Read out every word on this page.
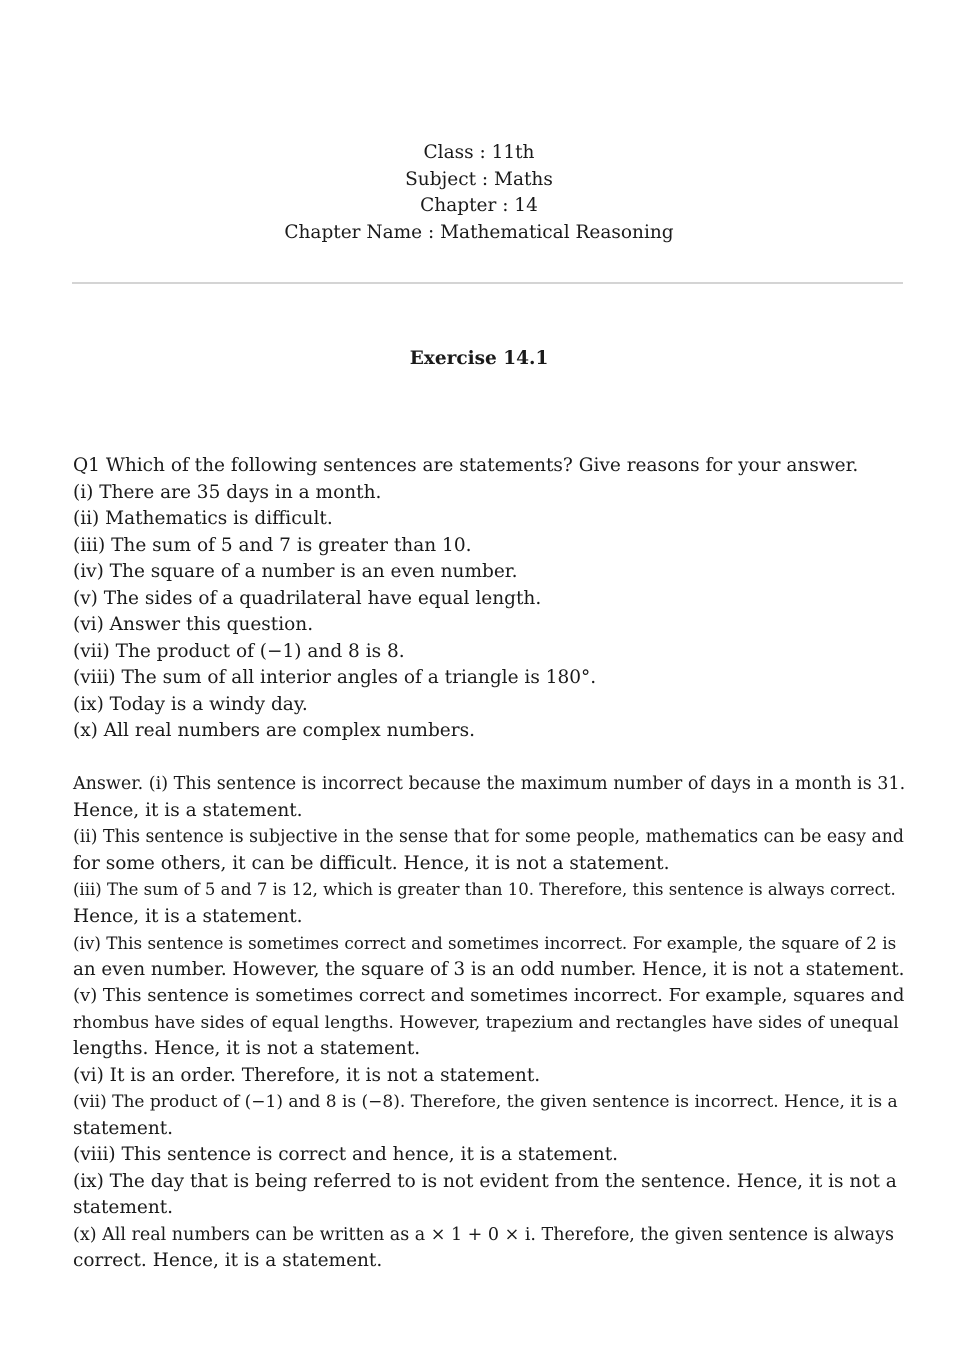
Class : 11th
Subject : Maths
Chapter : 14
Chapter Name : Mathematical Reasoning
Exercise 14.1
Q1 Which of the following sentences are statements? Give reasons for your answer.
(i) There are 35 days in a month.
(ii) Mathematics is difficult.
(iii) The sum of 5 and 7 is greater than 10.
(iv) The square of a number is an even number.
(v) The sides of a quadrilateral have equal length.
(vi) Answer this question.
(vii) The product of (−1) and 8 is 8.
(viii) The sum of all interior angles of a triangle is 180°.
(ix) Today is a windy day.
(x) All real numbers are complex numbers.
Answer. (i) This sentence is incorrect because the maximum number of days in a month is 31.
Hence, it is a statement.
(ii) This sentence is subjective in the sense that for some people, mathematics can be easy and
for some others, it can be difficult. Hence, it is not a statement.
(iii) The sum of 5 and 7 is 12, which is greater than 10. Therefore, this sentence is always correct.
Hence, it is a statement.
(iv) This sentence is sometimes correct and sometimes incorrect. For example, the square of 2 is
an even number. However, the square of 3 is an odd number. Hence, it is not a statement.
(v) This sentence is sometimes correct and sometimes incorrect. For example, squares and
rhombus have sides of equal lengths. However, trapezium and rectangles have sides of unequal
lengths. Hence, it is not a statement.
(vi) It is an order. Therefore, it is not a statement.
(vii) The product of (−1) and 8 is (−8). Therefore, the given sentence is incorrect. Hence, it is a
statement.
(viii) This sentence is correct and hence, it is a statement.
(ix) The day that is being referred to is not evident from the sentence. Hence, it is not a
statement.
(x) All real numbers can be written as a × 1 + 0 × i. Therefore, the given sentence is always
correct. Hence, it is a statement.
